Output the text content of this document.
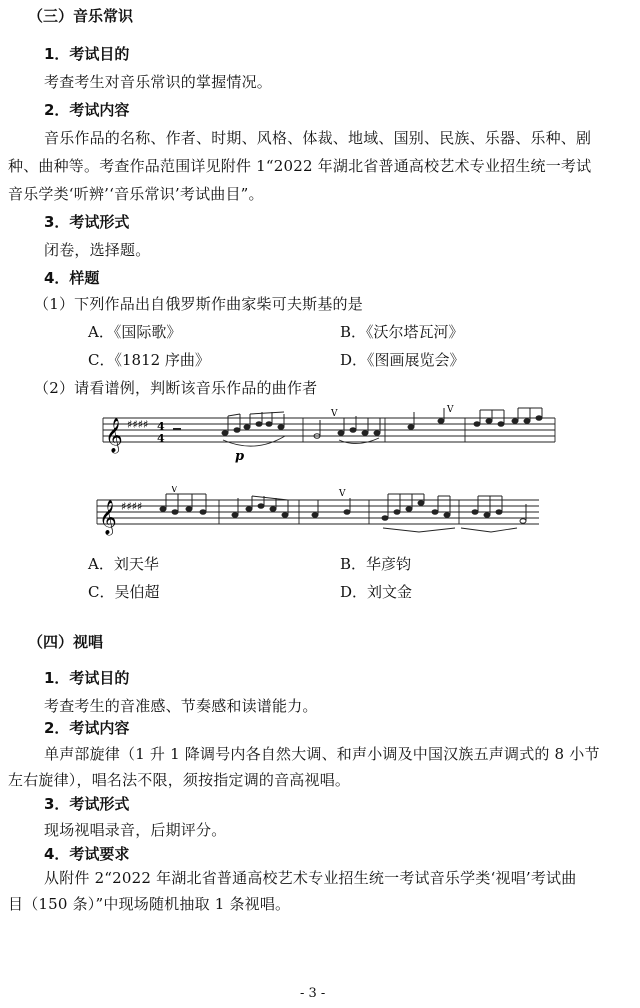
（三）音乐常识
1．考试目的
考查考生对音乐常识的掌握情况。
2．考试内容
音乐作品的名称、作者、时期、风格、体裁、地域、国别、民族、乐器、乐种、剧
种、曲种等。考查作品范围详见附件 1“2022 年湖北省普通高校艺术专业招生统一考试
音乐学类‘听辨’‘音乐常识’考试曲目”。
3．考试形式
闭卷，选择题。
4．样题
（1）下列作品出自俄罗斯作曲家柴可夫斯基的是
A．《国际歌》	B．《沃尔塔瓦河》
C．《1812 序曲》	D．《图画展览会》
（2）请看谱例，判断该音乐作品的曲作者
𝄞 ♯♯♯♯ 4
4
p
V	V
𝄞 ♯♯♯♯
V	V
A．刘天华	B．华彦钧
C．吴伯超	D．刘文金
（四）视唱
1．考试目的
考查考生的音准感、节奏感和读谱能力。
2．考试内容
单声部旋律（1 升 1 降调号内各自然大调、和声小调及中国汉族五声调式的 8 小节
左右旋律），唱名法不限，须按指定调的音高视唱。
3．考试形式
现场视唱录音，后期评分。
4．考试要求
从附件 2“2022 年湖北省普通高校艺术专业招生统一考试音乐学类‘视唱’考试曲
目（150 条）”中现场随机抽取 1 条视唱。
- 3 -
